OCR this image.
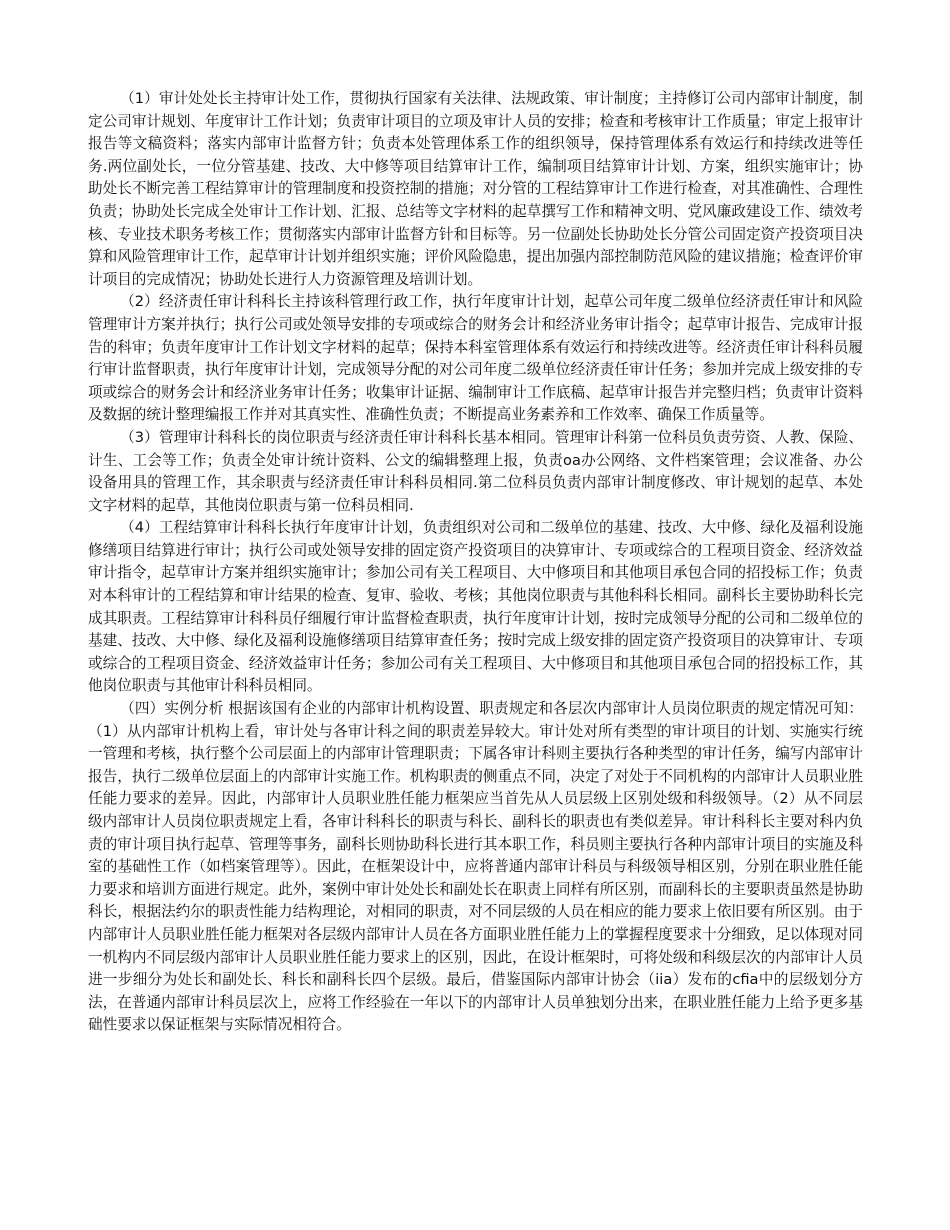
（1）审计处处长主持审计处工作，贯彻执行国家有关法律、法规政策、审计制度；主持修订公司内部审计制度，制定公司审计规划、年度审计工作计划；负责审计项目的立项及审计人员的安排；检查和考核审计工作质量；审定上报审计报告等文稿资料；落实内部审计监督方针；负责本处管理体系工作的组织领导，保持管理体系有效运行和持续改进等任务.两位副处长，一位分管基建、技改、大中修等项目结算审计工作，编制项目结算审计计划、方案，组织实施审计；协助处长不断完善工程结算审计的管理制度和投资控制的措施；对分管的工程结算审计工作进行检查，对其准确性、合理性负责；协助处长完成全处审计工作计划、汇报、总结等文字材料的起草撰写工作和精神文明、党风廉政建设工作、绩效考核、专业技术职务考核工作；贯彻落实内部审计监督方针和目标等。另一位副处长协助处长分管公司固定资产投资项目决算和风险管理审计工作，起草审计计划并组织实施；评价风险隐患，提出加强内部控制防范风险的建议措施；检查评价审计项目的完成情况；协助处长进行人力资源管理及培训计划。

（2）经济责任审计科科长主持该科管理行政工作，执行年度审计计划，起草公司年度二级单位经济责任审计和风险管理审计方案并执行；执行公司或处领导安排的专项或综合的财务会计和经济业务审计指令；起草审计报告、完成审计报告的科审；负责年度审计工作计划文字材料的起草；保持本科室管理体系有效运行和持续改进等。经济责任审计科科员履行审计监督职责，执行年度审计计划，完成领导分配的对公司年度二级单位经济责任审计任务；参加并完成上级安排的专项或综合的财务会计和经济业务审计任务；收集审计证据、编制审计工作底稿、起草审计报告并完整归档；负责审计资料及数据的统计整理编报工作并对其真实性、准确性负责；不断提高业务素养和工作效率、确保工作质量等。

（3）管理审计科科长的岗位职责与经济责任审计科科长基本相同。管理审计科第一位科员负责劳资、人教、保险、计生、工会等工作；负责全处审计统计资料、公文的编辑整理上报，负责oa办公网络、文件档案管理；会议准备、办公设备用具的管理工作，其余职责与经济责任审计科科员相同.第二位科员负责内部审计制度修改、审计规划的起草、本处文字材料的起草，其他岗位职责与第一位科员相同.

（4）工程结算审计科科长执行年度审计计划，负责组织对公司和二级单位的基建、技改、大中修、绿化及福利设施修缮项目结算进行审计；执行公司或处领导安排的固定资产投资项目的决算审计、专项或综合的工程项目资金、经济效益审计指令，起草审计方案并组织实施审计；参加公司有关工程项目、大中修项目和其他项目承包合同的招投标工作；负责对本科审计的工程结算和审计结果的检查、复审、验收、考核；其他岗位职责与其他科科长相同。副科长主要协助科长完成其职责。工程结算审计科科员仔细履行审计监督检查职责，执行年度审计计划，按时完成领导分配的公司和二级单位的基建、技改、大中修、绿化及福利设施修缮项目结算审查任务；按时完成上级安排的固定资产投资项目的决算审计、专项或综合的工程项目资金、经济效益审计任务；参加公司有关工程项目、大中修项目和其他项目承包合同的招投标工作，其他岗位职责与其他审计科科员相同。

（四）实例分析 根据该国有企业的内部审计机构设置、职责规定和各层次内部审计人员岗位职责的规定情况可知：（1）从内部审计机构上看，审计处与各审计科之间的职责差异较大。审计处对所有类型的审计项目的计划、实施实行统一管理和考核，执行整个公司层面上的内部审计管理职责；下属各审计科则主要执行各种类型的审计任务，编写内部审计报告，执行二级单位层面上的内部审计实施工作。机构职责的侧重点不同，决定了对处于不同机构的内部审计人员职业胜任能力要求的差异。因此，内部审计人员职业胜任能力框架应当首先从人员层级上区别处级和科级领导。（2）从不同层级内部审计人员岗位职责规定上看，各审计科科长的职责与科长、副科长的职责也有类似差异。审计科科长主要对科内负责的审计项目执行起草、管理等事务，副科长则协助科长进行其本职工作，科员则主要执行各种内部审计项目的实施及科室的基础性工作（如档案管理等）。因此，在框架设计中，应将普通内部审计科员与科级领导相区别，分别在职业胜任能力要求和培训方面进行规定。此外，案例中审计处处长和副处长在职责上同样有所区别，而副科长的主要职责虽然是协助科长，根据法约尔的职责性能力结构理论，对相同的职责，对不同层级的人员在相应的能力要求上依旧要有所区别。由于内部审计人员职业胜任能力框架对各层级内部审计人员在各方面职业胜任能力上的掌握程度要求十分细致，足以体现对同一机构内不同层级内部审计人员职业胜任能力要求上的区别，因此，在设计框架时，可将处级和科级层次的内部审计人员进一步细分为处长和副处长、科长和副科长四个层级。最后，借鉴国际内部审计协会（iia）发布的cfia中的层级划分方法，在普通内部审计科员层次上，应将工作经验在一年以下的内部审计人员单独划分出来，在职业胜任能力上给予更多基础性要求以保证框架与实际情况相符合。
